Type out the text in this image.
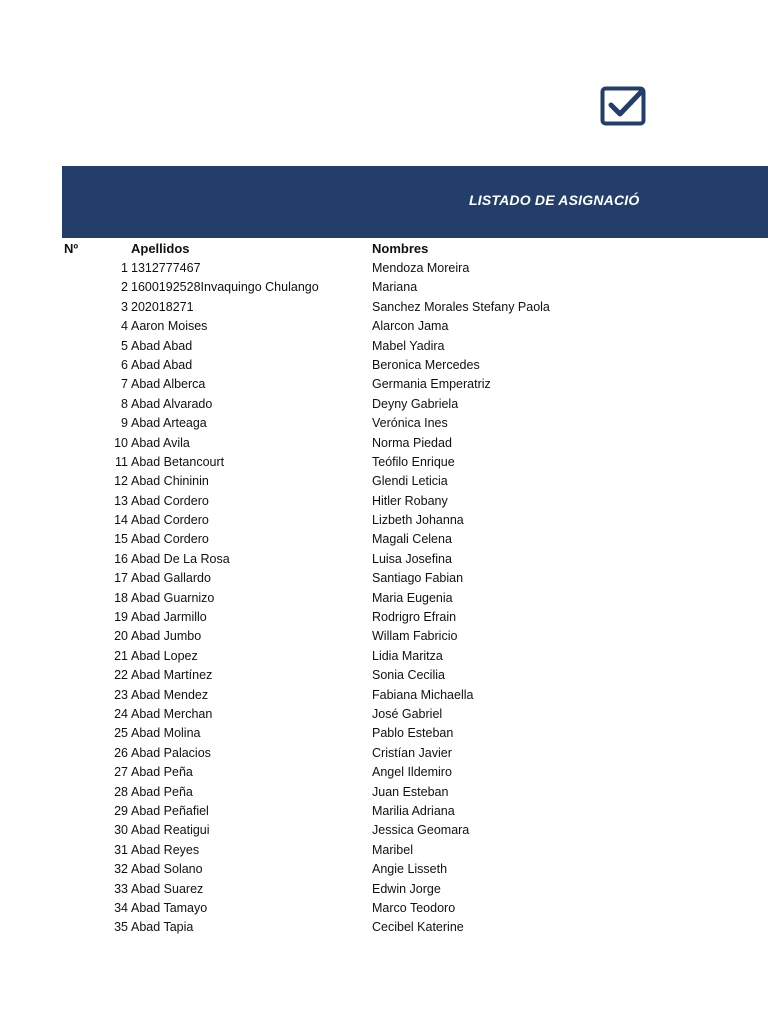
LISTADO DE ASIGNACIÓ
Nº	Apellidos	Nombres
1 1312777467	Mendoza Moreira
2 1600192528Invaquingo Chulango	Mariana
3 202018271	Sanchez Morales Stefany Paola
4 Aaron Moises	Alarcon Jama
5 Abad Abad	Mabel Yadira
6 Abad Abad	Beronica Mercedes
7 Abad Alberca	Germania Emperatriz
8 Abad Alvarado	Deyny Gabriela
9 Abad Arteaga	Verónica Ines
10 Abad Avila	Norma Piedad
11 Abad Betancourt	Teófilo Enrique
12 Abad Chininin	Glendi Leticia
13 Abad Cordero	Hitler Robany
14 Abad Cordero	Lizbeth Johanna
15 Abad Cordero	Magali Celena
16 Abad De La Rosa	Luisa Josefina
17 Abad Gallardo	Santiago Fabian
18 Abad Guarnizo	Maria Eugenia
19 Abad Jarmillo	Rodrigro Efrain
20 Abad Jumbo	Willam Fabricio
21 Abad Lopez	Lidia Maritza
22 Abad Martínez	Sonia Cecilia
23 Abad Mendez	Fabiana Michaella
24 Abad Merchan	José Gabriel
25 Abad Molina	Pablo Esteban
26 Abad Palacios	Cristían Javier
27 Abad Peña	Angel Ildemiro
28 Abad Peña	Juan Esteban
29 Abad Peñafiel	Marilia Adriana
30 Abad Reatigui	Jessica Geomara
31 Abad Reyes	Maribel
32 Abad Solano	Angie Lisseth
33 Abad Suarez	Edwin Jorge
34 Abad Tamayo	Marco Teodoro
35 Abad Tapia	Cecibel Katerine
